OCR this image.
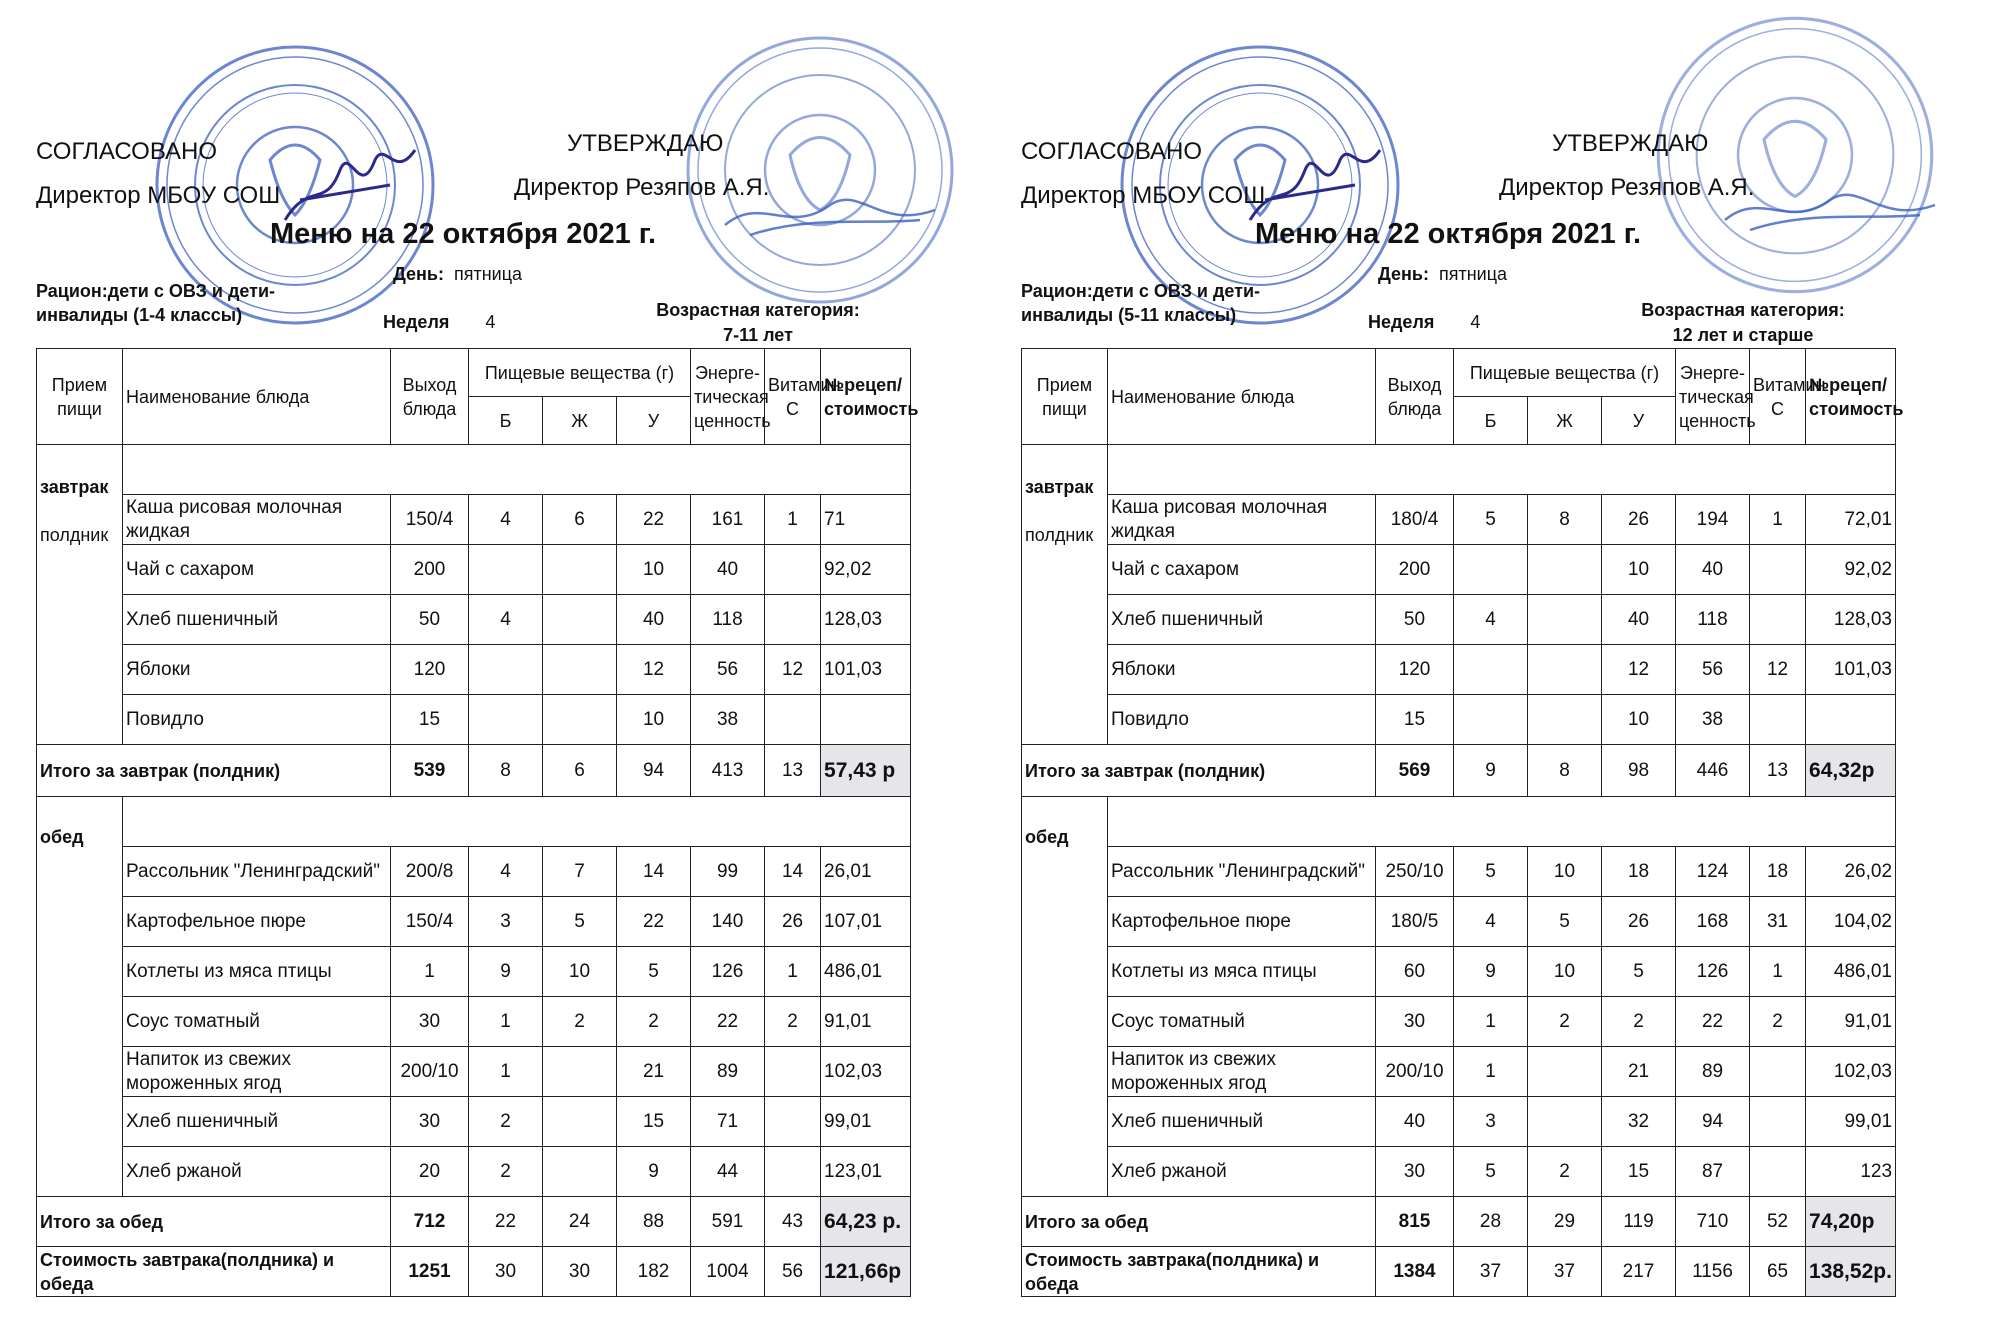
СОГЛАСОВАНО
Директор МБОУ СОШ
УТВЕРЖДАЮ
Директор Резяпов А.Я.
Меню на 22 октября 2021 г.
Рацион:дети с ОВЗ и дети-инвалиды (1-4 классы)
День: пятница
Неделя 4
Возрастная категория:
7-11 лет
Прием пищи	Наименование блюда	Выход блюда	Пищевые вещества (г)			Энерге-тическая ценность	Витамин С	№рецеп/стоимость
			Б	Ж	У			

завтрак
полдник								

	Каша рисовая молочная жидкая	150/4	4	6	22	161	1	71
	Чай с сахаром	200			10	40		92,02
	Хлеб пшеничный	50	4		40	118		128,03
	Яблоки	120			12	56	12	101,03
	Повидло	15			10	38		
Итого за завтрак (полдник)		539	8	6	94	413	13	57,43 р
обед								
	Рассольник "Ленинградский"	200/8	4	7	14	99	14	26,01
	Картофельное пюре	150/4	3	5	22	140	26	107,01
	Котлеты из мяса птицы	1	9	10	5	126	1	486,01
	Соус томатный	30	1	2	2	22	2	91,01
	Напиток из свежих мороженных ягод	200/10	1		21	89		102,03
	Хлеб пшеничный	30	2		15	71		99,01
	Хлеб ржаной	20	2		9	44		123,01
Итого за обед		712	22	24	88	591	43	64,23 р.
Стоимость завтрака(полдника) и обеда		1251	30	30	182	1004	56	121,66р
СОГЛАСОВАНО
Директор МБОУ СОШ
УТВЕРЖДАЮ
Директор Резяпов А.Я.
Меню на 22 октября 2021 г.
Рацион:дети с ОВЗ и дети-инвалиды (5-11 классы)
День: пятница
Неделя 4
Возрастная категория:
12 лет и старше
Прием пищи	Наименование блюда	Выход блюда	Пищевые вещества (г)			Энерге-тическая ценность	Витамин С	№рецеп/стоимость
			Б	Ж	У			

завтрак
полдник								

	Каша рисовая молочная жидкая	180/4	5	8	26	194	1	72,01
	Чай с сахаром	200			10	40		92,02
	Хлеб пшеничный	50	4		40	118		128,03
	Яблоки	120			12	56	12	101,03
	Повидло	15			10	38		
Итого за завтрак (полдник)		569	9	8	98	446	13	64,32р
обед								
	Рассольник "Ленинградский"	250/10	5	10	18	124	18	26,02
	Картофельное пюре	180/5	4	5	26	168	31	104,02
	Котлеты из мяса птицы	60	9	10	5	126	1	486,01
	Соус томатный	30	1	2	2	22	2	91,01
	Напиток из свежих мороженных ягод	200/10	1		21	89		102,03
	Хлеб пшеничный	40	3		32	94		99,01
	Хлеб ржаной	30	5	2	15	87		123
Итого за обед		815	28	29	119	710	52	74,20р
Стоимость завтрака(полдника) и обеда		1384	37	37	217	1156	65	138,52р.
